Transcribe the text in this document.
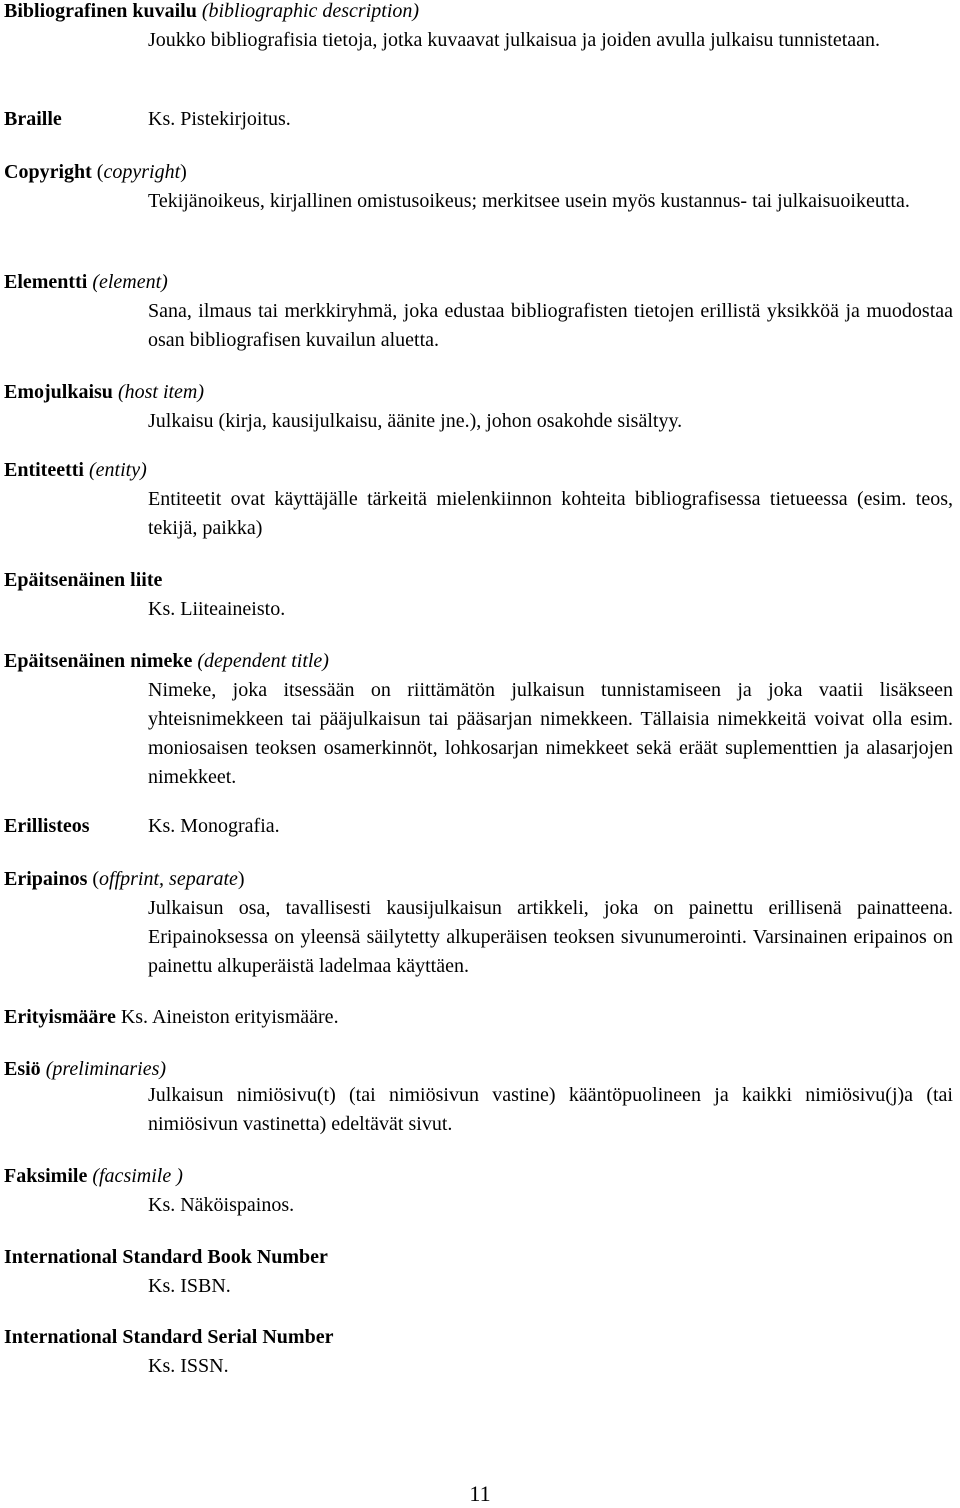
Bibliografinen kuvailu (bibliographic description)
Joukko bibliografisia tietoja, jotka kuvaavat julkaisua ja joiden avulla julkaisu tunnistetaan.
Braille	Ks. Pistekirjoitus.
Copyright (copyright)
Tekijänoikeus, kirjallinen omistusoikeus; merkitsee usein myös kustannus- tai julkaisuoikeutta.
Elementti (element)
Sana, ilmaus tai merkkiryhmä, joka edustaa bibliografisten tietojen erillistä yksikköä ja muodostaa osan bibliografisen kuvailun aluetta.
Emojulkaisu (host item)
Julkaisu (kirja, kausijulkaisu, äänite jne.), johon osakohde sisältyy.
Entiteetti (entity)
Entiteetit ovat käyttäjälle tärkeitä mielenkiinnon kohteita bibliografisessa tietueessa (esim. teos, tekijä, paikka)
Epäitsenäinen liite
Ks. Liiteaineisto.
Epäitsenäinen nimeke (dependent title)
Nimeke, joka itsessään on riittämätön julkaisun tunnistamiseen ja joka vaatii lisäkseen yhteisnimekkeen tai pääjulkaisun tai pääsarjan nimekkeen. Tällaisia nimekkeitä voivat olla esim. moniosaisen teoksen osamerkinnöt, lohkosarjan nimekkeet sekä eräät suplementtien ja alasarjojen nimekkeet.
Erillisteos	Ks. Monografia.
Eripainos (offprint, separate)
Julkaisun osa, tavallisesti kausijulkaisun artikkeli, joka on painettu erillisenä painatteena. Eripainoksessa on yleensä säilytetty alkuperäisen teoksen sivunumerointi. Varsinainen eripainos on painettu alkuperäistä ladelmaa käyttäen.
Erityismääre Ks. Aineiston erityismääre.
Esiö (preliminaries)
Julkaisun nimiösivu(t) (tai nimiösivun vastine) kääntöpuolineen ja kaikki nimiösivu(j)a (tai nimiösivun vastinetta) edeltävät sivut.
Faksimile (facsimile )
Ks. Näköispainos.
International Standard Book Number
Ks. ISBN.
International Standard Serial Number
Ks. ISSN.
11
